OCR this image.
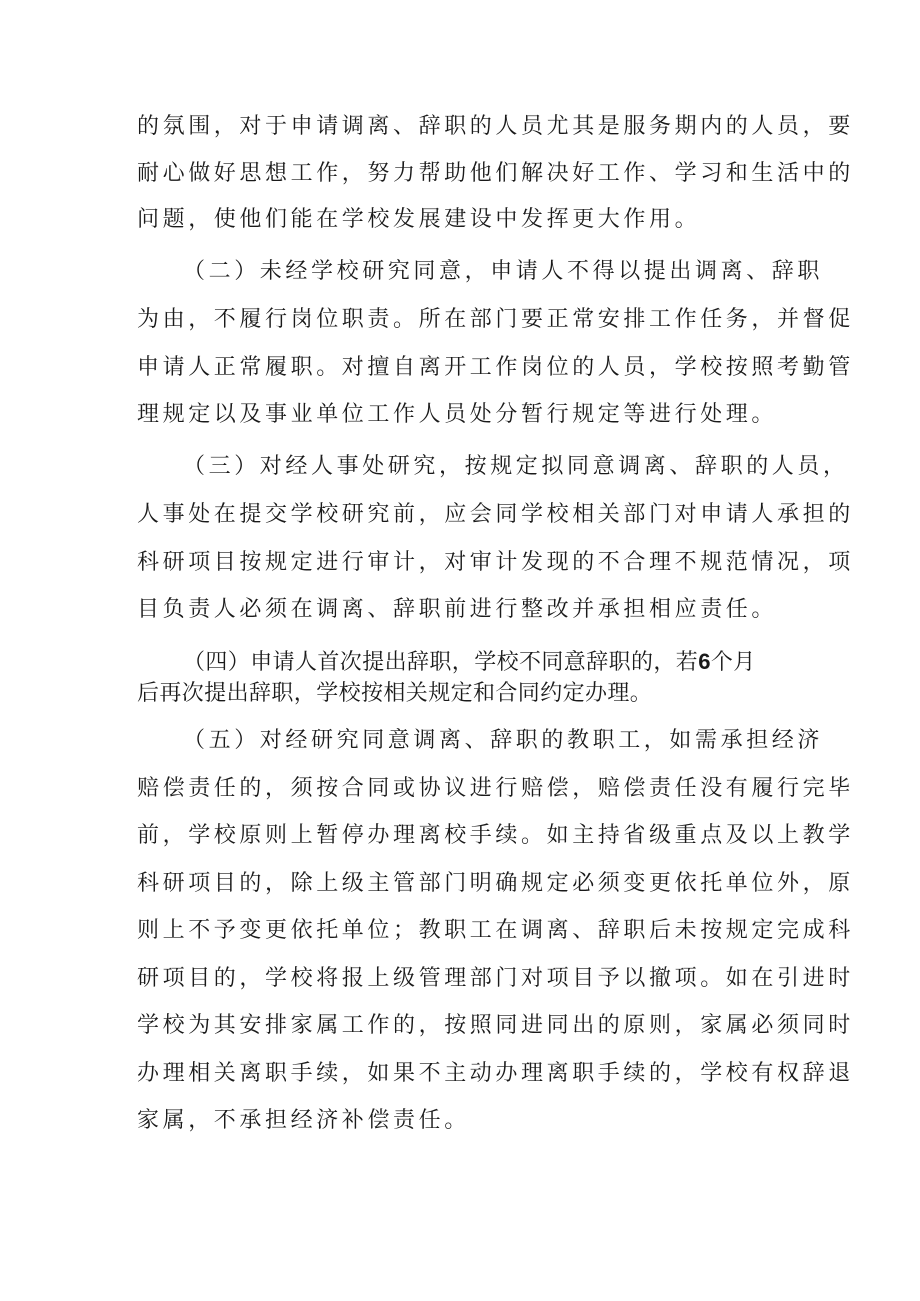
的氛围，对于申请调离、辞职的人员尤其是服务期内的人员，要
耐心做好思想工作，努力帮助他们解决好工作、学习和生活中的
问题，使他们能在学校发展建设中发挥更大作用。
（二）未经学校研究同意，申请人不得以提出调离、辞职
为由，不履行岗位职责。所在部门要正常安排工作任务，并督促
申请人正常履职。对擅自离开工作岗位的人员，学校按照考勤管
理规定以及事业单位工作人员处分暂行规定等进行处理。
（三）对经人事处研究，按规定拟同意调离、辞职的人员，
人事处在提交学校研究前，应会同学校相关部门对申请人承担的
科研项目按规定进行审计，对审计发现的不合理不规范情况，项
目负责人必须在调离、辞职前进行整改并承担相应责任。
（四）申请人首次提出辞职，学校不同意辞职的，若6个月
后再次提出辞职，学校按相关规定和合同约定办理。
（五）对经研究同意调离、辞职的教职工，如需承担经济
赔偿责任的，须按合同或协议进行赔偿，赔偿责任没有履行完毕
前，学校原则上暂停办理离校手续。如主持省级重点及以上教学
科研项目的，除上级主管部门明确规定必须变更依托单位外，原
则上不予变更依托单位；教职工在调离、辞职后未按规定完成科
研项目的，学校将报上级管理部门对项目予以撤项。如在引进时
学校为其安排家属工作的，按照同进同出的原则，家属必须同时
办理相关离职手续，如果不主动办理离职手续的，学校有权辞退
家属，不承担经济补偿责任。
